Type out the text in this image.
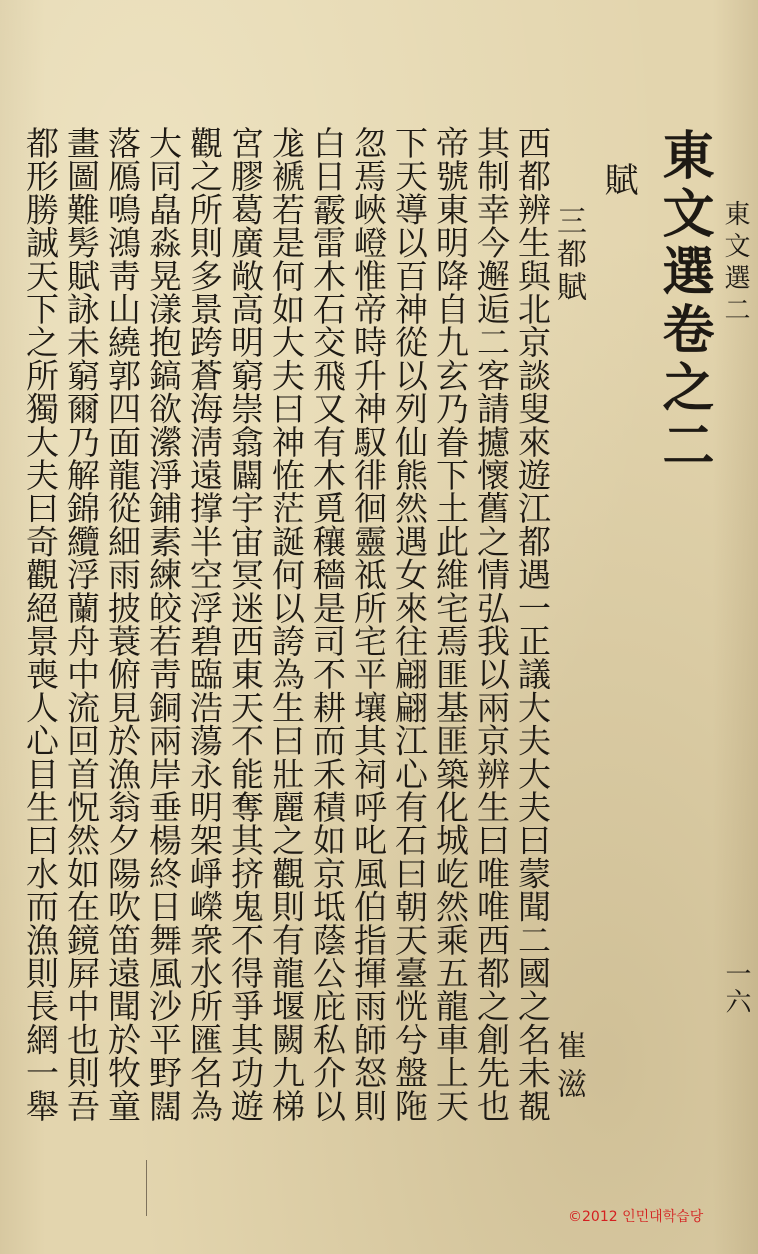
東文選二
一六
東文選卷之二
賦
三都賦
崔滋
西都辨生與北京談叟來遊江都遇一正議大夫大夫曰蒙聞二國之名未覩
其制幸今邂逅二客請攄懷舊之情弘我以兩京辨生曰唯唯西都之創先也
帝號東明降自九玄乃眷下土此維宅焉匪基匪築化城屹然乘五龍車上天
下天導以百神從以列仙熊然遇女來往翩翩江心有石曰朝天臺恍兮盤陁
忽焉峽嶝惟帝時升神馭徘徊靈祗所宅平壤其祠呼叱風伯指揮雨師怒則
白日霰雷木石交飛又有木覓穰穡是司不耕而禾積如京坻蔭公庇私介以
尨褫若是何如大夫曰神恠茫誕何以誇為生曰壯麗之觀則有龍堰闕九梯
宮膠葛廣敞高明窮崇翕闢宇宙冥迷西東天不能奪其挤鬼不得爭其功遊
觀之所則多景跨蒼海淸遠撑半空浮碧臨浩蕩永明架崢嶸衆水所匯名為
大同皛淼晃漾抱鎬欲瀠淨鋪素練皎若靑銅兩岸垂楊終日舞風沙平野闊
落鴈鳴鴻靑山繞郭四面龍從細雨披蓑俯見於漁翁夕陽吹笛遠聞於牧童
畫圖難髣賦詠未窮爾乃解錦纜浮蘭舟中流回首怳然如在鏡屛中也則吾
都形勝誠天下之所獨大夫曰奇觀絕景喪人心目生曰水而漁則長網一舉
©2012 인민대학습당
